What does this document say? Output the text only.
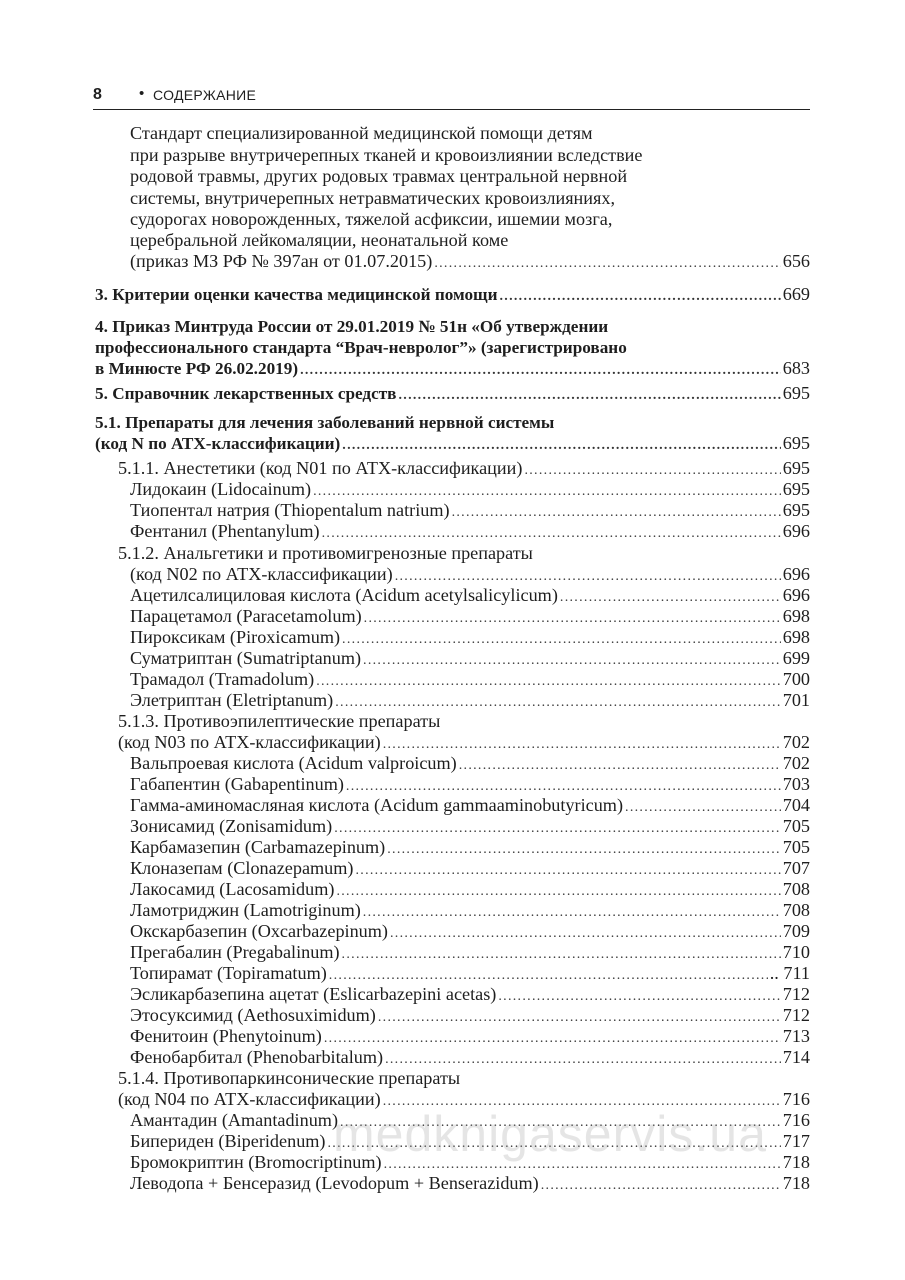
8 • СОДЕРЖАНИЕ
Стандарт специализированной медицинской помощи детям
при разрыве внутричерепных тканей и кровоизлиянии вследствие
родовой травмы, других родовых травмах центральной нервной
системы, внутричерепных нетравматических кровоизлияниях,
судорогах новорожденных, тяжелой асфиксии, ишемии мозга,
церебральной лейкомаляции, неонатальной коме
(приказ МЗ РФ № 397ан от 01.07.2015) .....	656
3. Критерии оценки качества медицинской помощи .....	669
4. Приказ Минтруда России от 29.01.2019 № 51н «Об утверждении
профессионального стандарта “Врач-невролог”» (зарегистрировано
в Минюсте РФ 26.02.2019) .....	683
5. Справочник лекарственных средств .....	695
5.1. Препараты для лечения заболеваний нервной системы
(код N по АТХ-классификации) .....	695
5.1.1. Анестетики (код N01 по АТХ-классификации) .....	695
Лидокаин (Lidocainum) .....	695
Тиопентал натрия (Thiopentalum natrium) .....	695
Фентанил (Phentanylum) .....	696
5.1.2. Анальгетики и противомигренозные препараты
(код N02 по АТХ-классификации) .....	696
Ацетилсалициловая кислота (Acidum acetylsalicylicum) .....	696
Парацетамол (Paracetamolum) .....	698
Пироксикам (Piroxicamum) .....	698
Суматриптан (Sumatriptanum) .....	699
Трамадол (Tramadolum) .....	700
Элетриптан (Eletriptanum) .....	701
5.1.3. Противоэпилептические препараты
(код N03 по АТХ-классификации) .....	702
Вальпроевая кислота (Acidum valproicum) .....	702
Габапентин (Gabapentinum) .....	703
Гамма-аминомасляная кислота (Acidum gammaaminobutyricum) .....	704
Зонисамид (Zonisamidum) .....	705
Карбамазепин (Carbamazepinum) .....	705
Клоназепам (Clonazepamum) .....	707
Лакосамид (Lacosamidum) .....	708
Ламотриджин (Lamotriginum) .....	708
Окскарбазепин (Oxcarbazepinum) .....	709
Прегабалин (Pregabalinum) .....	710
Топирамат (Topiramatum) .....	.. 711
Эсликарбазепина ацетат (Eslicarbazepini acetas) .....	712
Этосуксимид (Aethosuximidum) .....	712
Фенитоин (Phenytoinum) .....	713
Фенобарбитал (Phenobarbitalum) .....	714
5.1.4. Противопаркинсонические препараты
(код N04 по АТХ-классификации) .....	716
Амантадин (Amantadinum) .....	716
Биперидeн (Biperidenum) .....	717
Бромокриптин (Bromocriptinum) .....	718
Леводопа + Бенсеразид (Levodopum + Benserazidum) .....	718
medknigaservis.ua
